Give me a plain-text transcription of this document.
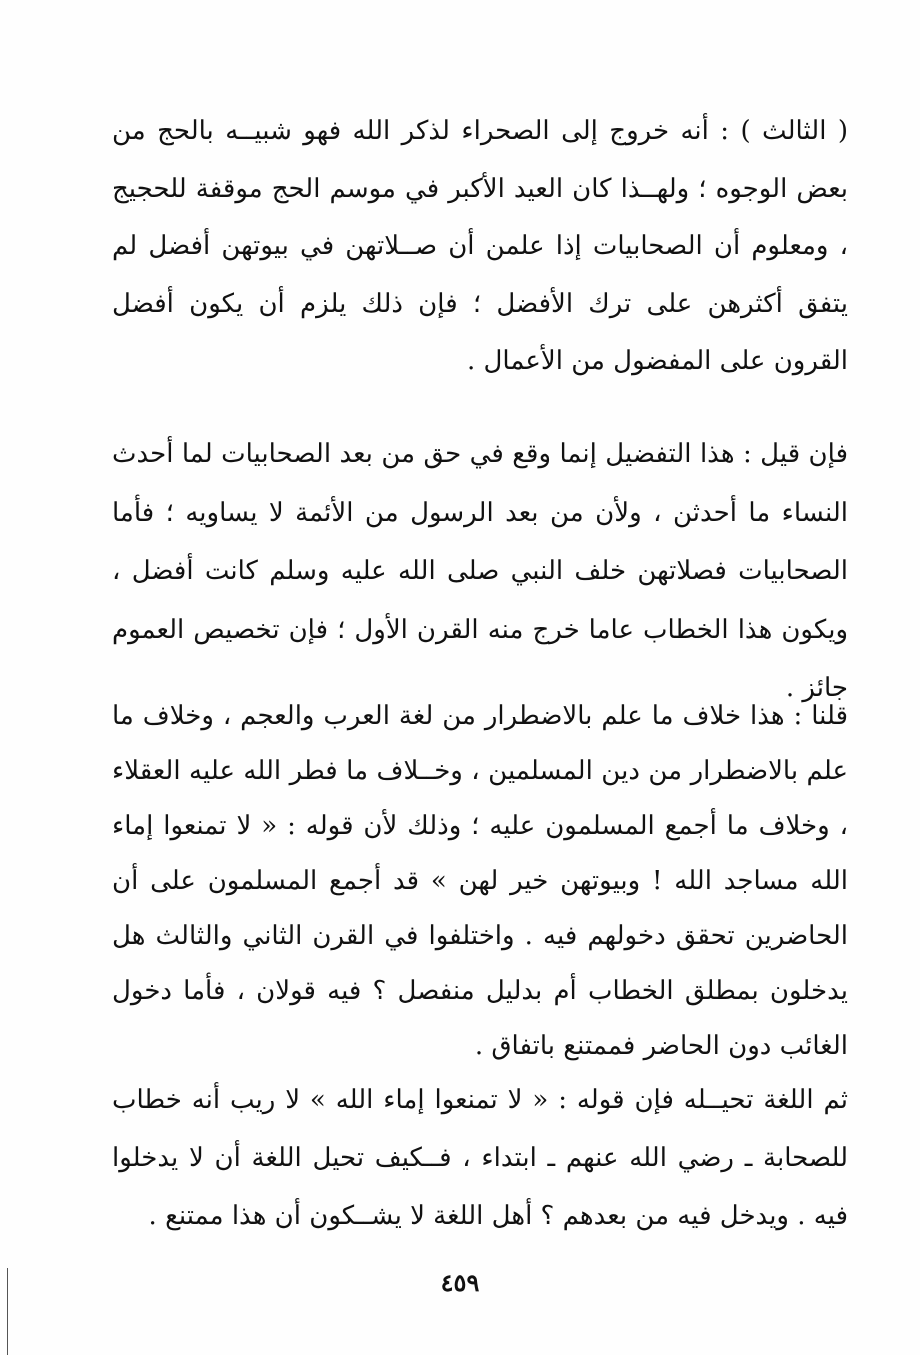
( الثالث ) : أنه خروج إلى الصحراء لذكر الله فهو شبيــه بالحج من بعض الوجوه ؛ ولهــذا كان العيد الأكبر في موسم الحج موقفة للحجيج ، ومعلوم أن الصحابيات إذا علمن أن صــلاتهن في بيوتهن أفضل لم يتفق أكثرهن على ترك الأفضل ؛ فإن ذلك يلزم أن يكون أفضل القرون على المفضول من الأعمال .

فإن قيل : هذا التفضيل إنما وقع في حق من بعد الصحابيات لما أحدث النساء ما أحدثن ، ولأن من بعد الرسول من الأئمة لا يساويه ؛ فأما الصحابيات فصلاتهن خلف النبي صلى الله عليه وسلم كانت أفضل ، ويكون هذا الخطاب عاما خرج منه القرن الأول ؛ فإن تخصيص العموم جائز .

قلنا : هذا خلاف ما علم بالاضطرار من لغة العرب والعجم ، وخلاف ما علم بالاضطرار من دين المسلمين ، وخــلاف ما فطر الله عليه العقلاء ، وخلاف ما أجمع المسلمون عليه ؛ وذلك لأن قوله : « لا تمنعوا إماء الله مساجد الله ! وبيوتهن خير لهن » قد أجمع المسلمون على أن الحاضرين تحقق دخولهم فيه . واختلفوا في القرن الثاني والثالث هل يدخلون بمطلق الخطاب أم بدليل منفصل ؟ فيه قولان ، فأما دخول الغائب دون الحاضر فممتنع باتفاق .

ثم اللغة تحيــله فإن قوله : « لا تمنعوا إماء الله » لا ريب أنه خطاب للصحابة ـ رضي الله عنهم ـ ابتداء ، فــكيف تحيل اللغة أن لا يدخلوا فيه . ويدخل فيه من بعدهم ؟ أهل اللغة لا يشــكون أن هذا ممتنع .

٤٥٩
